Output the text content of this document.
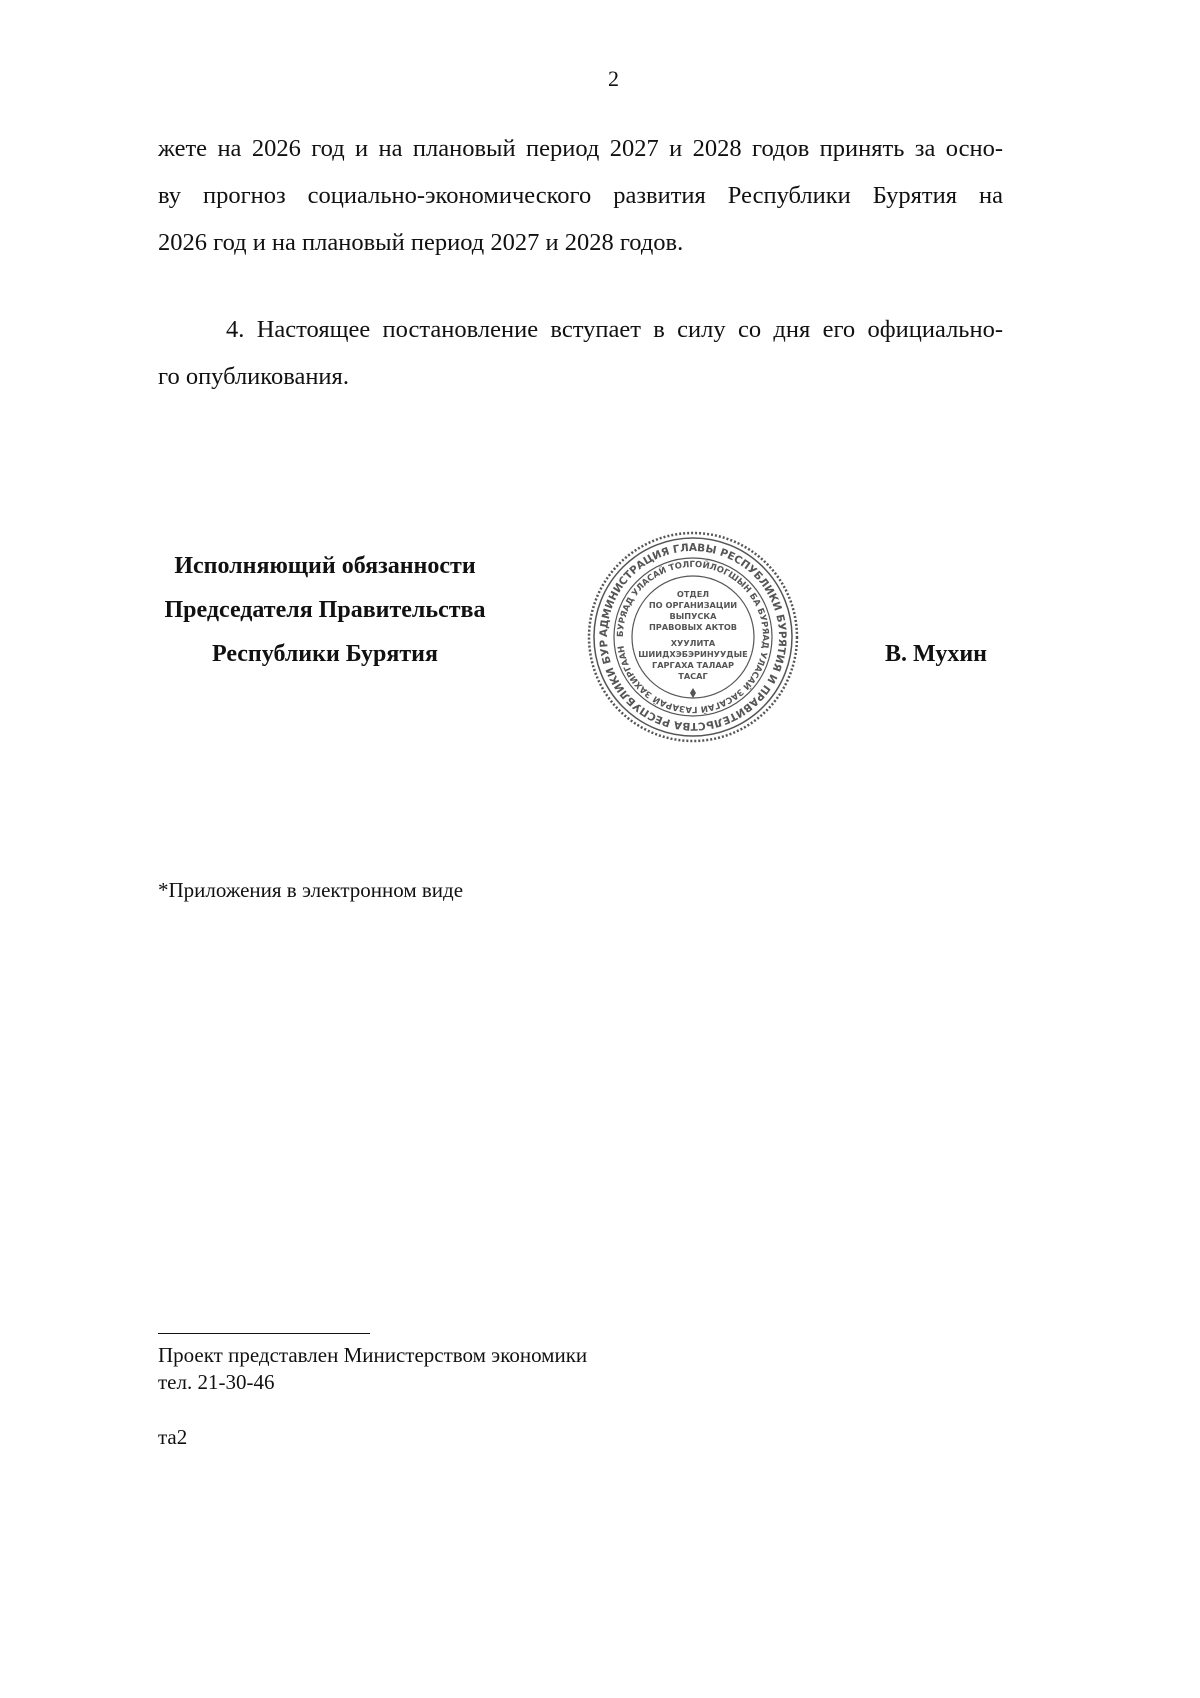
2
жете на 2026 год и на плановый период 2027 и 2028 годов принять за осно-
ву прогноз социально-экономического развития Республики Бурятия на
2026 год и на плановый период 2027 и 2028 годов.
4. Настоящее постановление вступает в силу со дня его официально-
го опубликования.
Исполняющий обязанности
Председателя Правительства
Республики Бурятия
АДМИНИСТРАЦИЯ ГЛАВЫ РЕСПУБЛИКИ БУРЯТИЯ И ПРАВИТЕЛЬСТВА РЕСПУБЛИКИ БУР
БУРЯАД УЛАСАЙ ТОЛГОЙЛОГШЫН БА БУРЯАД УЛАСАЙ ЗАСАГАЙ ГАЗАРАЙ ЗАХИРГААН
ОТДЕЛ
ПО ОРГАНИЗАЦИИ
ВЫПУСКА
ПРАВОВЫХ АКТОВ
ХУУЛИТА
ШИИДХЭБЭРИНУУДЫЕ
ГАРГАХА ТАЛААР
ТАСАГ
В. Мухин
*Приложения в электронном виде
Проект представлен Министерством экономики
тел. 21-30-46
та2
